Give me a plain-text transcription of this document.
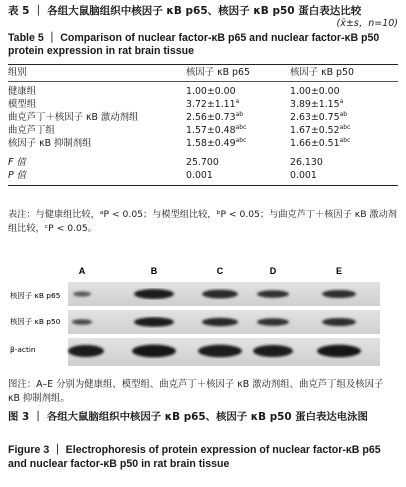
表 5 ｜ 各组大鼠脑组织中核因子 κB p65、核因子 κB p50 蛋白表达比较
(x̄±s，n=10)
Table 5 ｜ Comparison of nuclear factor-κB p65 and nuclear factor-κB p50 protein expression in rat brain tissue
组别	核因子 κB p65	核因子 κB p50
健康组	1.00±0.00	1.00±0.00
模型组	3.72±1.11$^a$	3.89±1.15$^a$
曲克芦丁＋核因子 κB 激动剂组	2.56±0.73$^{ab}$	2.63±0.75$^{ab}$
曲克芦丁组	1.57±0.48$^{abc}$	1.67±0.52$^{abc}$
核因子 κB 抑制剂组	1.58±0.49$^{abc}$	1.66±0.51$^{abc}$
F 值	25.700	26.130
P 值	0.001	0.001
表注：与健康组比较，ᵃP < 0.05；与模型组比较，ᵇP < 0.05；与曲克芦丁＋核因子 κB 激动剂组比较，ᶜP < 0.05。
A	B	C	D	E
核因子 κB p65
核因子 κB p50
β-actin
图注：A–E 分别为健康组、模型组、曲克芦丁＋核因子 κB 激动剂组、曲克芦丁组及核因子 κB 抑制剂组。
图 3 ｜ 各组大鼠脑组织中核因子 κB p65、核因子 κB p50 蛋白表达电泳图
Figure 3 ｜ Electrophoresis of protein expression of nuclear factor-κB p65 and nuclear factor-κB p50 in rat brain tissue
